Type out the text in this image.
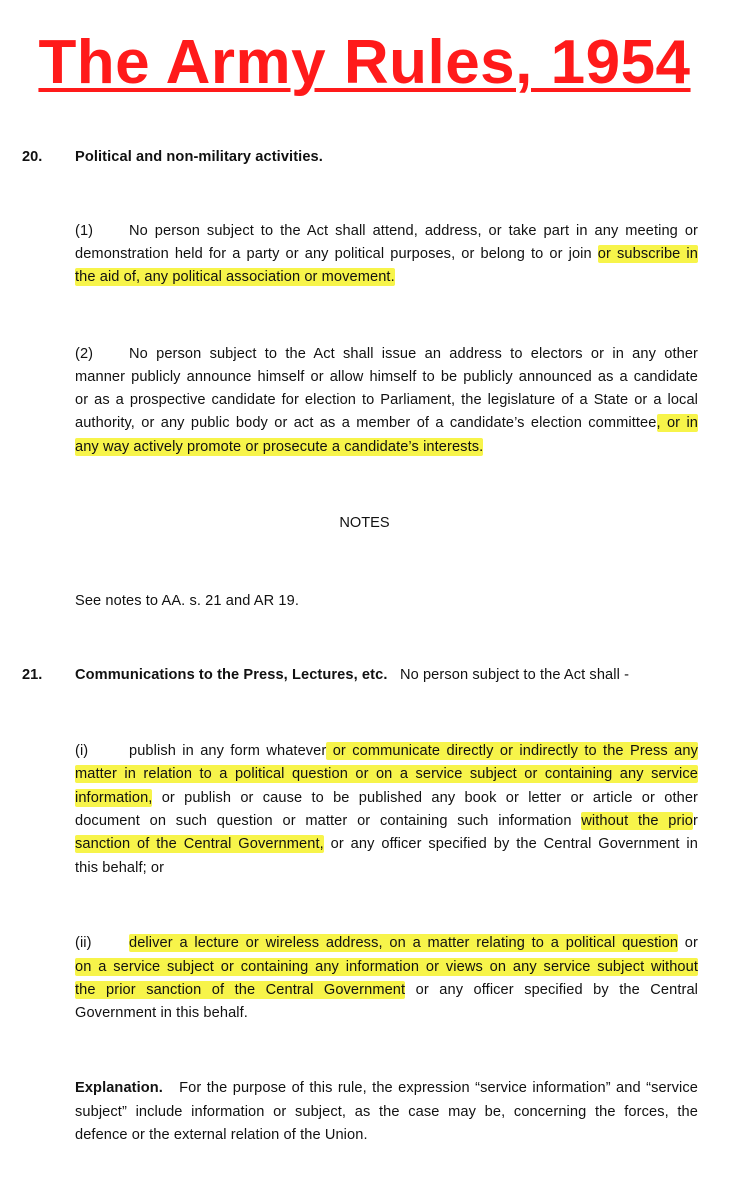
The Army Rules, 1954
20. Political and non-military activities.
(1) No person subject to the Act shall attend, address, or take part in any meeting or
demonstration held for a party or any political purposes, or belong to or join or subscribe in
the aid of, any political association or movement.
(2) No person subject to the Act shall issue an address to electors or in any other
manner publicly announce himself or allow himself to be publicly announced as a candidate
or as a prospective candidate for election to Parliament, the legislature of a State or a local
authority, or any public body or act as a member of a candidate’s election committee, or in
any way actively promote or prosecute a candidate’s interests.
NOTES
See notes to AA. s. 21 and AR 19.
21. Communications to the Press, Lectures, etc. No person subject to the Act shall -
(i)	publish in any form whatever or communicate directly or indirectly to the Press any
matter in relation to a political question or on a service subject or containing any service
information, or publish or cause to be published any book or letter or article or other
document on such question or matter or containing such information without the prior
sanction of the Central Government, or any officer specified by the Central Government in
this behalf; or
(ii)	deliver a lecture or wireless address, on a matter relating to a political question or
on a service subject or containing any information or views on any service subject without
the prior sanction of the Central Government or any officer specified by the Central
Government in this behalf.
Explanation. For the purpose of this rule, the expression “service information” and “service
subject” include information or subject, as the case may be, concerning the forces, the
defence or the external relation of the Union.
